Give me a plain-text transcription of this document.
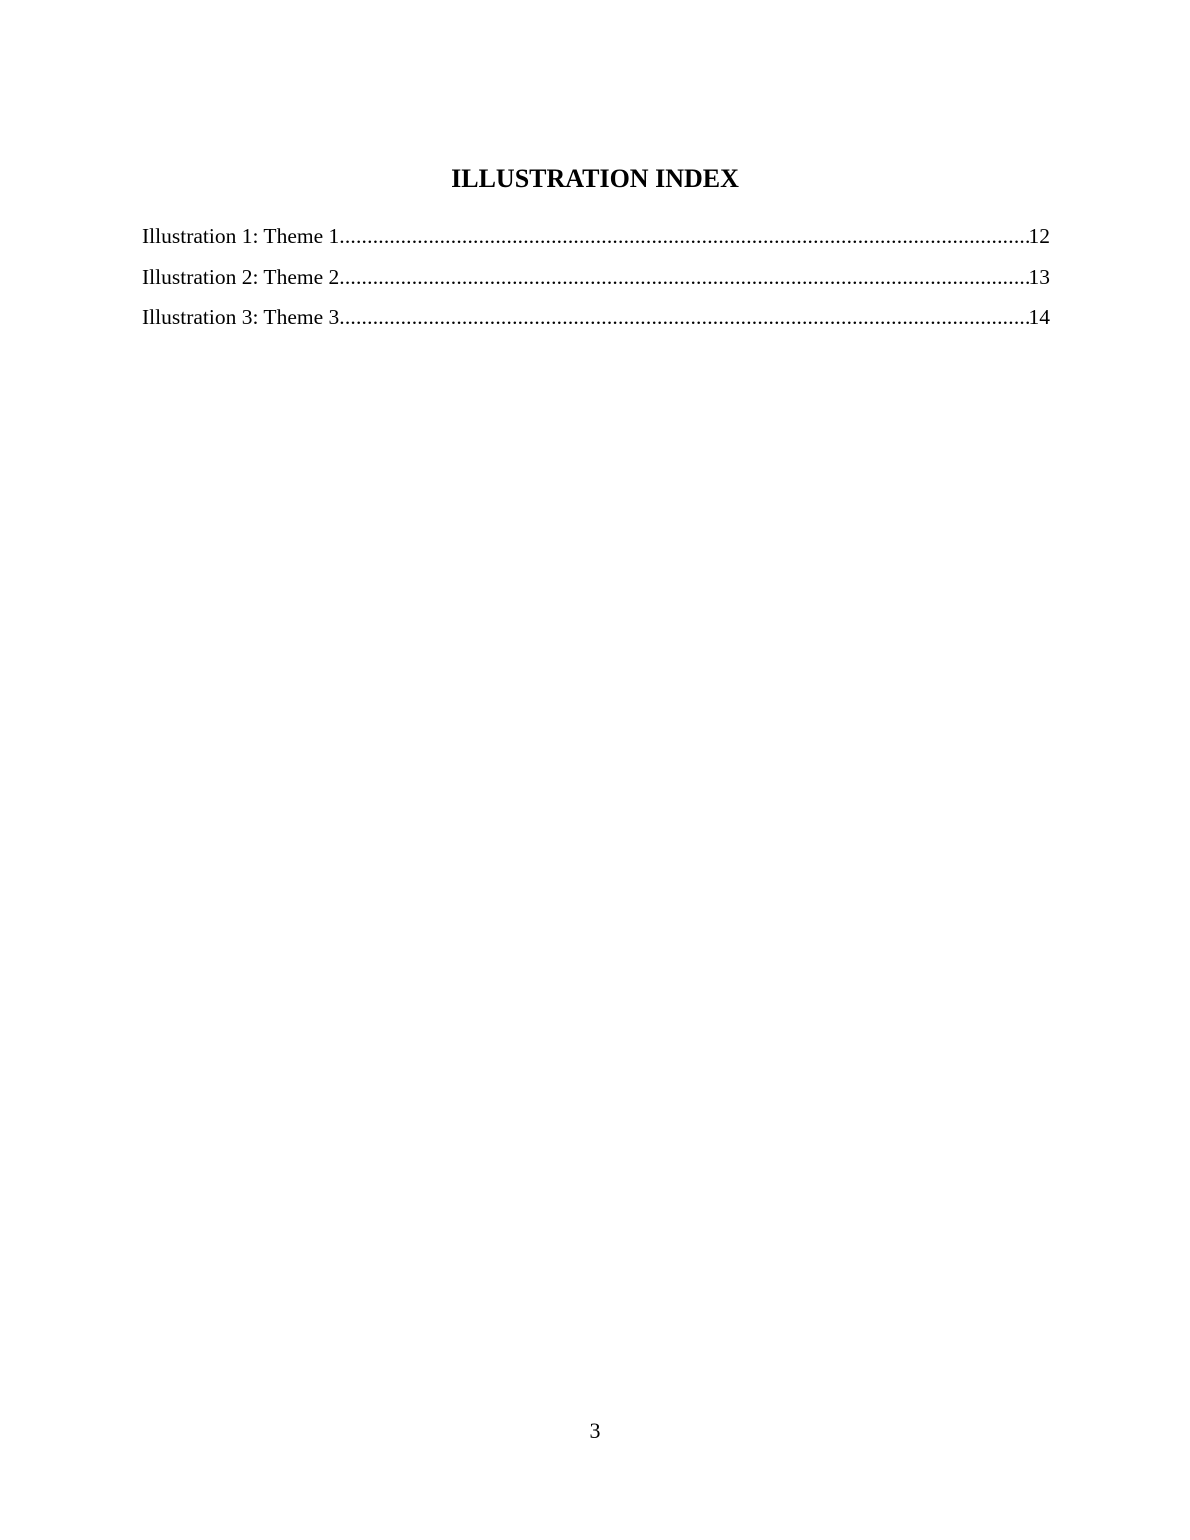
ILLUSTRATION INDEX
Illustration 1: Theme 1 .....	12
Illustration 2: Theme 2 .....	13
Illustration 3: Theme 3 .....	14

3
